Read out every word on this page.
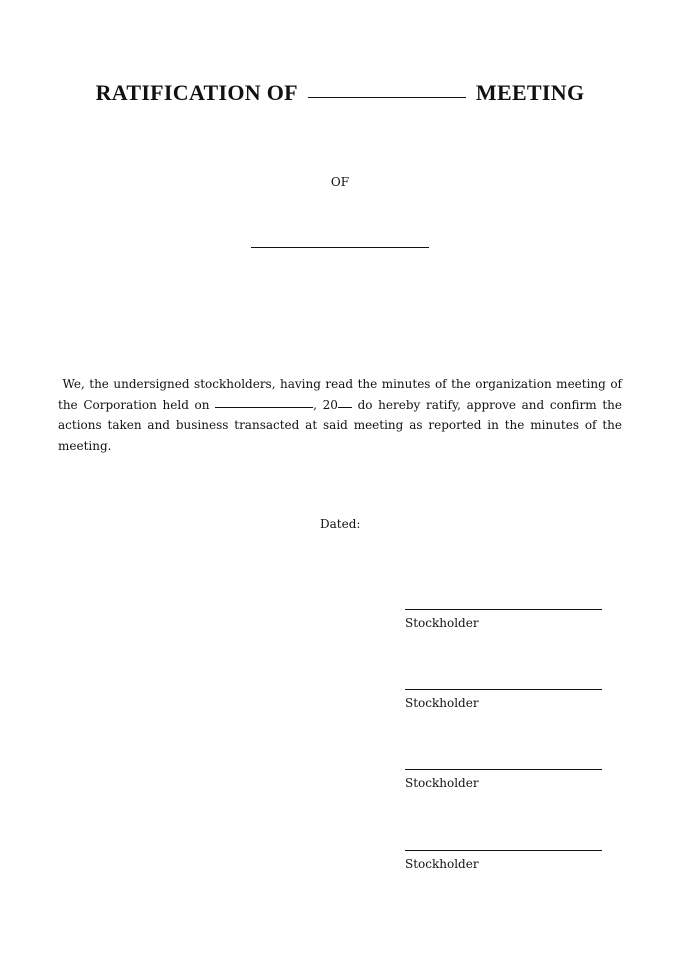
RATIFICATION OF	MEETING
OF
We, the undersigned stockholders, having read the minutes of the organization meeting of the Corporation held on	, 20 do hereby ratify, approve and confirm the actions taken and business transacted at said meeting as reported in the minutes of the meeting.
Dated:
Stockholder
Stockholder
Stockholder
Stockholder
